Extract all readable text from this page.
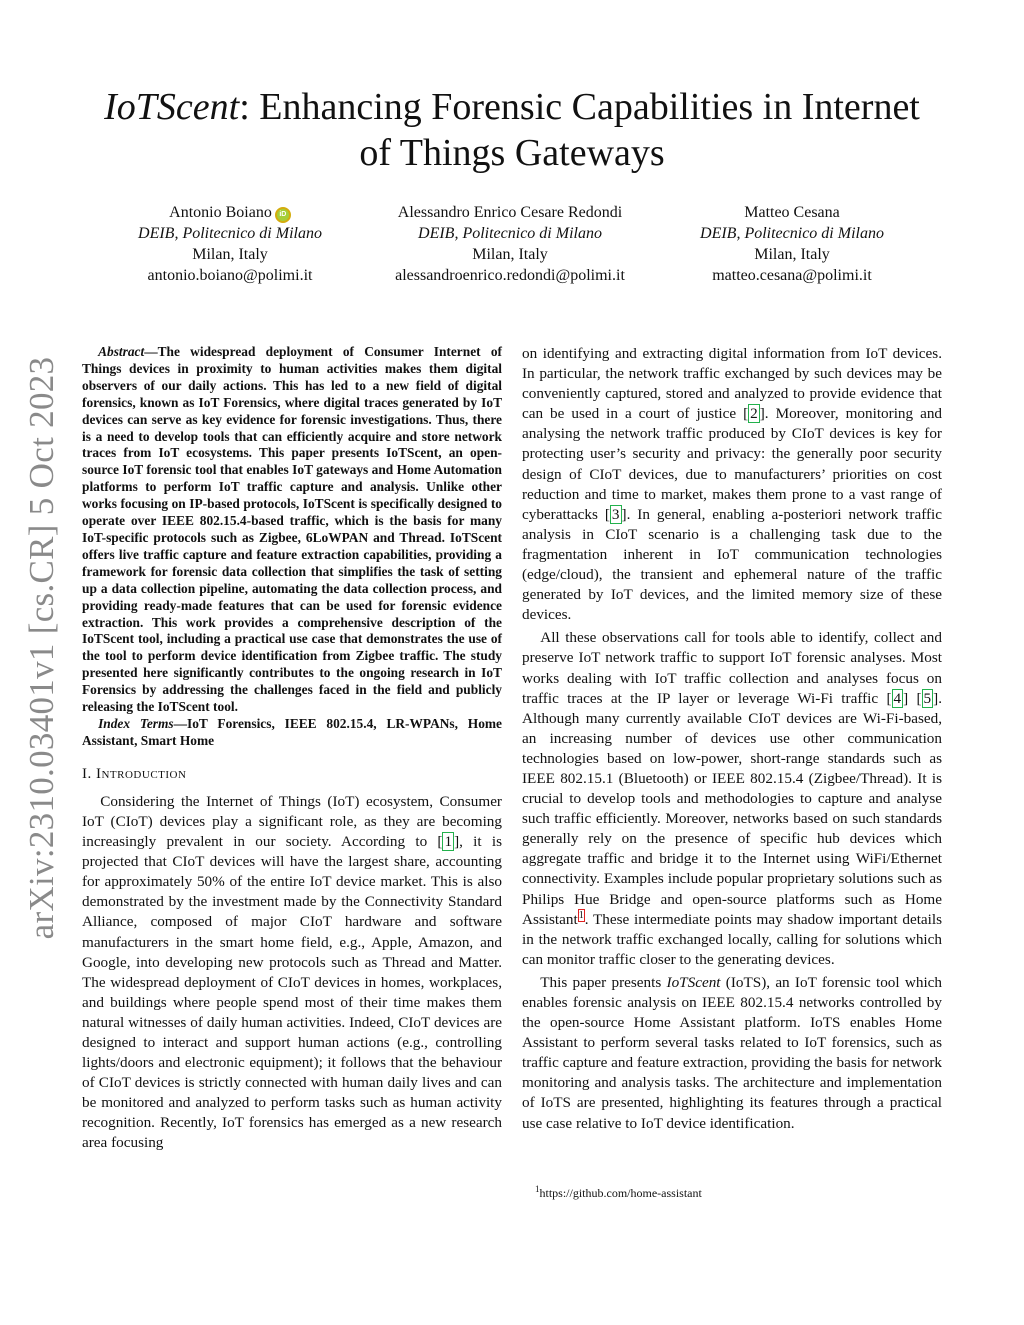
arXiv:2310.03401v1 [cs.CR] 5 Oct 2023
IoTScent: Enhancing Forensic Capabilities in Internet of Things Gateways
Antonio Boiano iD
DEIB, Politecnico di Milano
Milan, Italy
antonio.boiano@polimi.it
Alessandro Enrico Cesare Redondi
DEIB, Politecnico di Milano
Milan, Italy
alessandroenrico.redondi@polimi.it
Matteo Cesana
DEIB, Politecnico di Milano
Milan, Italy
matteo.cesana@polimi.it

Abstract—The widespread deployment of Consumer Internet of Things devices in proximity to human activities makes them digital observers of our daily actions. This has led to a new field of digital forensics, known as IoT Forensics, where digital traces generated by IoT devices can serve as key evidence for forensic investigations. Thus, there is a need to develop tools that can efficiently acquire and store network traces from IoT ecosystems. This paper presents IoTScent, an open-source IoT forensic tool that enables IoT gateways and Home Automation platforms to perform IoT traffic capture and analysis. Unlike other works focusing on IP-based protocols, IoTScent is specifically designed to operate over IEEE 802.15.4-based traffic, which is the basis for many IoT-specific protocols such as Zigbee, 6LoWPAN and Thread. IoTScent offers live traffic capture and feature extraction capabilities, providing a framework for forensic data collection that simplifies the task of setting up a data collection pipeline, automating the data collection process, and providing ready-made features that can be used for forensic evidence extraction. This work provides a comprehensive description of the IoTScent tool, including a practical use case that demonstrates the use of the tool to perform device identification from Zigbee traffic. The study presented here significantly contributes to the ongoing research in IoT Forensics by addressing the challenges faced in the field and publicly releasing the IoTScent tool.

Index Terms—IoT Forensics, IEEE 802.15.4, LR-WPANs, Home Assistant, Smart Home

I. Introduction

Considering the Internet of Things (IoT) ecosystem, Consumer IoT (CIoT) devices play a significant role, as they are becoming increasingly prevalent in our society. According to [ 1 ], it is projected that CIoT devices will have the largest share, accounting for approximately 50% of the entire IoT device market. This is also demonstrated by the investment made by the Connectivity Standard Alliance, composed of major CIoT hardware and software manufacturers in the smart home field, e.g., Apple, Amazon, and Google, into developing new protocols such as Thread and Matter. The widespread deployment of CIoT devices in homes, workplaces, and buildings where people spend most of their time makes them natural witnesses of daily human activities. Indeed, CIoT devices are designed to interact and support human actions (e.g., controlling lights/doors and electronic equipment); it follows that the behaviour of CIoT devices is strictly connected with human daily lives and can be monitored and analyzed to perform tasks such as human activity recognition. Recently, IoT forensics has emerged as a new research area focusing

on identifying and extracting digital information from IoT devices. In particular, the network traffic exchanged by such devices may be conveniently captured, stored and analyzed to provide evidence that can be used in a court of justice [ 2 ]. Moreover, monitoring and analysing the network traffic produced by CIoT devices is key for protecting user’s security and privacy: the generally poor security design of CIoT devices, due to manufacturers’ priorities on cost reduction and time to market, makes them prone to a vast range of cyberattacks [ 3 ]. In general, enabling a-posteriori network traffic analysis in CIoT scenario is a challenging task due to the fragmentation inherent in IoT communication technologies (edge/cloud), the transient and ephemeral nature of the traffic generated by IoT devices, and the limited memory size of these devices.

All these observations call for tools able to identify, collect and preserve IoT network traffic to support IoT forensic analyses. Most works dealing with IoT traffic collection and analyses focus on traffic traces at the IP layer or leverage Wi-Fi traffic [ 4 ] [ 5 ]. Although many currently available CIoT devices are Wi-Fi-based, an increasing number of devices use other communication technologies based on low-power, short-range standards such as IEEE 802.15.1 (Bluetooth) or IEEE 802.15.4 (Zigbee/Thread). It is crucial to develop tools and methodologies to capture and analyse such traffic efficiently. Moreover, networks based on such standards generally rely on the presence of specific hub devices which aggregate traffic and bridge it to the Internet using WiFi/Ethernet connectivity. Examples include popular proprietary solutions such as Philips Hue Bridge and open-source platforms such as Home Assistant$^1$. These intermediate points may shadow important details in the network traffic exchanged locally, calling for solutions which can monitor traffic closer to the generating devices.

This paper presents IoTScent (IoTS), an IoT forensic tool which enables forensic analysis on IEEE 802.15.4 networks controlled by the open-source Home Assistant platform. IoTS enables Home Assistant to perform several tasks related to IoT forensics, such as traffic capture and feature extraction, providing the basis for network monitoring and analysis tasks. The architecture and implementation of IoTS are presented, highlighting its features through a practical use case relative to IoT device identification.

$^1$https://github.com/home-assistant
